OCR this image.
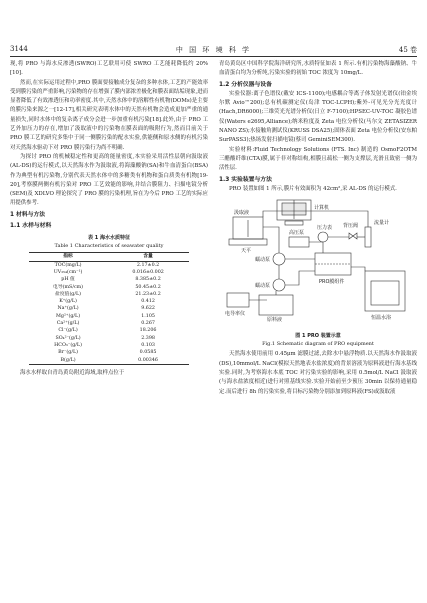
3144	中 国 环 境 科 学	45 卷

现,将 PRO 与海水反渗透(SWRO)工艺联用可使 SWRO 工艺能耗降低约 20%[10].

然而,在实际运用过程中,PRO 膜面要接触成分复杂的多种水体,工艺的产能效率受到膜污染的严重影响,污染物的存在增强了膜内部浓差极化和膜表面结垢现象,进而显著降低了有效渗透压和功率密度.其中,天然水体中的溶解性有机物(DOMs)是主要的膜污染来源之一[12-17],相关研究表明水体中的天然有机物会造成更加严重的通量损失,同时水体中的复杂离子成分会进一步加重有机污染[18].此外,由于 PRO 工艺外加压力的存在,增加了汲取液中的污染物在膜表面的吸附行为,然而目前关于 PRO 膜工艺的研究多集中于同一侧膜污染的配水实验,供能侧和原水侧的有机污染对天然海水驱动下对 PRO 膜污染行为尚不明确.

为探讨 PRO 的机械稳定性和更高的能量密度,本实验采用活性层朝向汲取液(AL-DS)的运行模式,以天然海水作为汲取液,将海藻酸钠(SA)和牛血清蛋白(BSA)作为典型有机污染物,分别代表天然水体中的多糖类有机物和蛋白质类有机物[19-20],考察膜两侧有机污染对 PRO 工艺效能的影响,并结合膜阻力、扫描电镜分析(SEM)及 XDLVO 理论探究了 PRO 膜的污染机理,旨在为今后 PRO 工艺的实际应用提供参考.

1 材料与方法
1.1 水样与材料
表 1 海水水质特征
Table 1 Characteristics of seawater quality
指标	含量
TOC(mg/L)	2.17±0.2
UV₂₅₄(cm⁻¹)	0.016±0.002
pH 值	8.385±0.2
电导(mS/cm)	50.45±0.2
盐度值(g/L)	21.23±0.2
K⁺(g/L)	0.412
Na⁺(g/L)	9.622
Mg²⁺(g/L)	1.105
Ca²⁺(g/L)	0.267
Cl⁻(g/L)	18.206
SO₄²⁻(g/L)	2.398
HCO₃⁻(g/L)	0.103
Br⁻(g/L)	0.0585
B(g/L)	0.00346

海水水样取自青岛黄岛附近海域,取样点位于

青岛黄岛区中国科学院海洋研究所,水质特征如表 1 所示.有机污染物海藻酸钠、牛血清蛋白均为分析纯,污染实验的初始 TOC 浓度为 10mg/L.

1.2 分析仪器与设备

实验仪器:离子色谱仪(戴安 ICS-1100);电感耦合等离子体发射光谱仪(铂金埃尔默 Avio™200);总有机碳测定仪(岛津 TOC-LCPH);紫外-可见光分光光度计(Hach,DR6000);三维荧光光谱分析仪(日立 F-7100);HPSEC-UV-TOC 凝胶色谱仪(Waters e2695,Alliance);纳米粒度及 Zeta 电位分析仪(马尔文 ZETASIZER NANO ZS);水接触角测试仪(KRUSS DSA25);固体表面 Zeta 电位分析仪(安东帕 SurPASS3);热场发射扫描电镜(蔡司 GeminiSEM300).

实验材料:Fluid Technology Solutions (FTS. Inc) 制造的 OsmoF2OTM 三醋酸纤维(CTA)膜,属于非对称结构,相膜且疏松一侧为支撑层,光滑且致密一侧为活性层.

1.3 实验装置与方法

PRO 装置如图 1 所示,膜片有效面积为 42cm²,采 AL-DS 的运行模式.

汲取液
天平
计算机
蠕动泵
蠕动泵
高压泵
压力表 背压阀
PRO膜组件
流量计
原料液
电导率仪
恒温水浴
图 1 PRO 装置示意
Fig.1 Schematic diagram of PRO equipment

天然海水使用前用 0.45μm 滤膜过滤,去除水中悬浮物质.以天然海水作汲取液(DS),10mmol/L NaCl(模拟天然地表水盐浓度)的背景溶液为原料液进行海水基线实验.同时,为考察海水本底 TOC 对污染实验的影响,采用 0.5mol/L NaCl 汲取液(与海水盐浓度相近)进行对照基线实验.实验开始前至少预压 30min 以保持通量稳定.而后进行 8h 的污染实验,将目标污染物分别添加到原料液(FS)或汲取液
